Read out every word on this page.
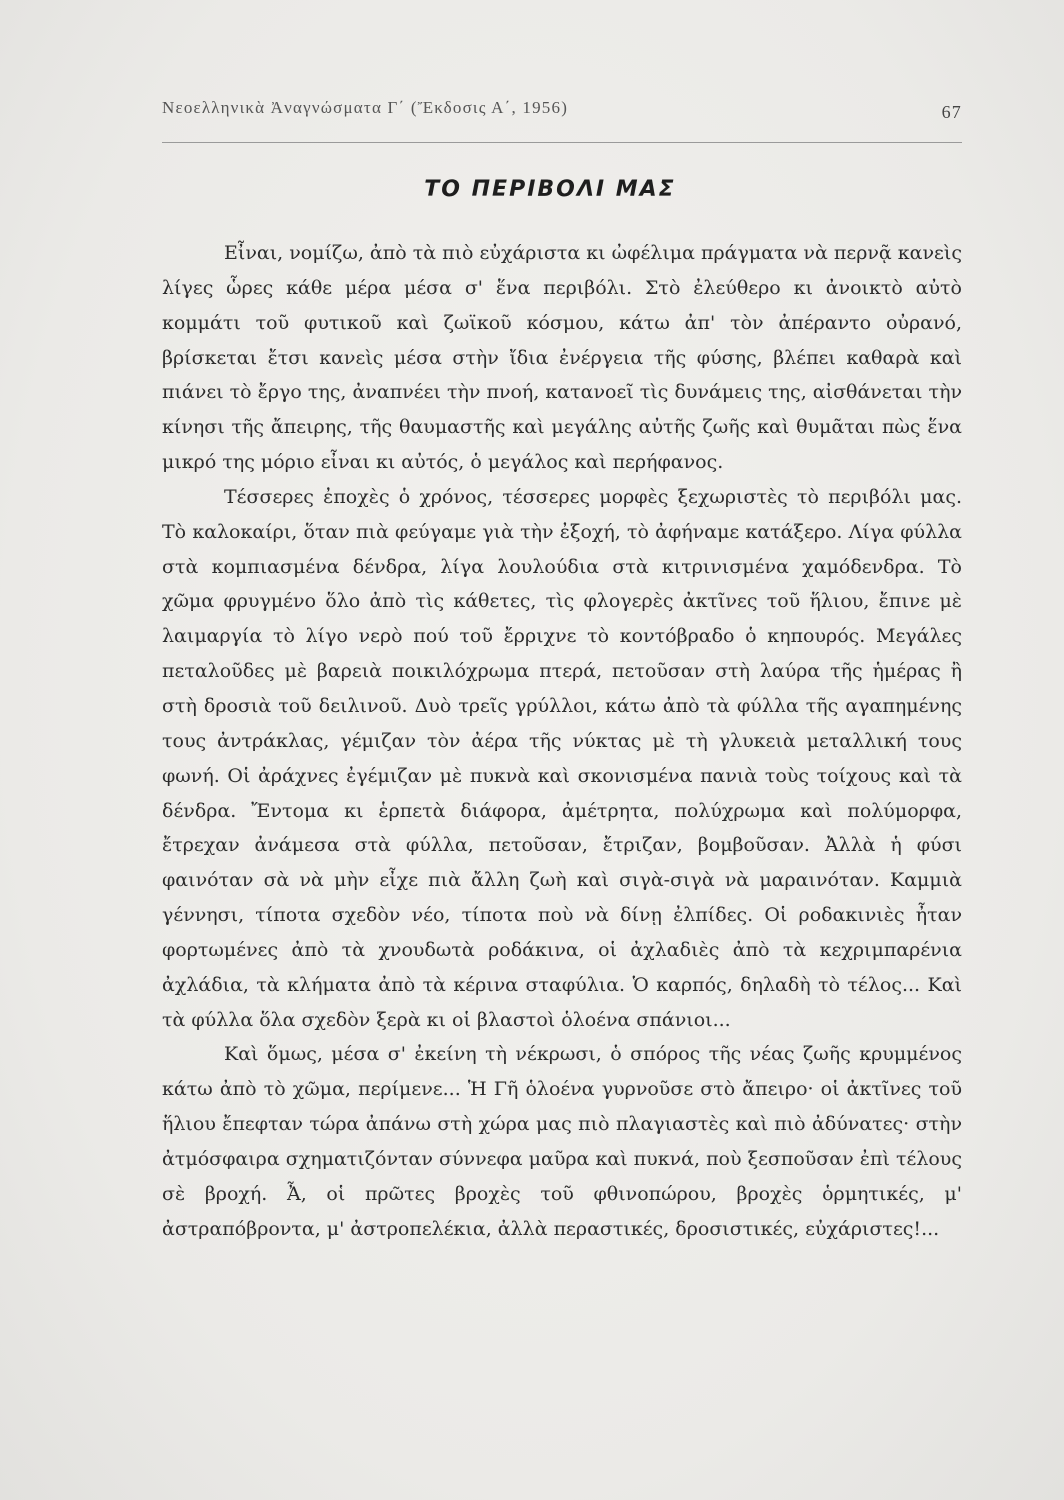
Νεοελληνικὰ Ἀναγνώσματα Γ΄ (Ἔκδοσις Α΄, 1956)	67
ΤΟ ΠΕΡΙΒΟΛΙ ΜΑΣ

Εἶναι, νομίζω, ἀπὸ τὰ πιὸ εὐχάριστα κι ὠφέλιμα πράγματα νὰ περνᾷ κανεὶς λίγες ὧρες κάθε μέρα μέσα σ' ἕνα περιβόλι. Στὸ ἐλεύθερο κι ἀνοικτὸ αὐτὸ κομμάτι τοῦ φυτικοῦ καὶ ζωϊκοῦ κόσμου, κάτω ἀπ' τὸν ἀπέραντο οὐρανό, βρίσκεται ἔτσι κανεὶς μέσα στὴν ἴδια ἐνέργεια τῆς φύσης, βλέπει καθαρὰ καὶ πιάνει τὸ ἔργο της, ἀναπνέει τὴν πνοή, κατανοεῖ τὶς δυνάμεις της, αἰσθάνεται τὴν κίνησι τῆς ἄπειρης, τῆς θαυμαστῆς καὶ μεγάλης αὐτῆς ζωῆς καὶ θυμᾶται πὼς ἕνα μικρό της μόριο εἶναι κι αὐτός, ὁ μεγάλος καὶ περήφανος.

Τέσσερες ἐποχὲς ὁ χρόνος, τέσσερες μορφὲς ξεχωριστὲς τὸ περιβόλι μας. Τὸ καλοκαίρι, ὅταν πιὰ φεύγαμε γιὰ τὴν ἐξοχή, τὸ ἀφήναμε κατάξερο. Λίγα φύλλα στὰ κομπιασμένα δένδρα, λίγα λουλούδια στὰ κιτρινισμένα χαμόδενδρα. Τὸ χῶμα φρυγμένο ὅλο ἀπὸ τὶς κάθετες, τὶς φλογερὲς ἀκτῖνες τοῦ ἥλιου, ἔπινε μὲ λαιμαργία τὸ λίγο νερὸ πού τοῦ ἔρριχνε τὸ κοντόβραδο ὁ κηπουρός. Μεγάλες πεταλοῦδες μὲ βαρειὰ ποικιλόχρωμα πτερά, πετοῦσαν στὴ λαύρα τῆς ἡμέρας ἢ στὴ δροσιὰ τοῦ δειλινοῦ. Δυὸ τρεῖς γρύλλοι, κάτω ἀπὸ τὰ φύλλα τῆς αγαπημένης τους ἀντράκλας, γέμιζαν τὸν ἀέρα τῆς νύκτας μὲ τὴ γλυκειὰ μεταλλική τους φωνή. Οἱ ἀράχνες ἐγέμιζαν μὲ πυκνὰ καὶ σκονισμένα πανιὰ τοὺς τοίχους καὶ τὰ δένδρα. Ἔντομα κι ἑρπετὰ διάφορα, ἀμέτρητα, πολύχρωμα καὶ πολύμορφα, ἔτρεχαν ἀνάμεσα στὰ φύλλα, πετοῦσαν, ἔτριζαν, βομβοῦσαν. Ἀλλὰ ἡ φύσι φαινόταν σὰ νὰ μὴν εἶχε πιὰ ἄλλη ζωὴ καὶ σιγὰ-σιγὰ νὰ μαραινόταν. Καμμιὰ γέννησι, τίποτα σχεδὸν νέο, τίποτα ποὺ νὰ δίνῃ ἐλπίδες. Οἱ ροδακινιὲς ἦταν φορτωμένες ἀπὸ τὰ χνουδωτὰ ροδάκινα, οἱ ἀχλαδιὲς ἀπὸ τὰ κεχριμπαρένια ἀχλάδια, τὰ κλήματα ἀπὸ τὰ κέρινα σταφύλια. Ὁ καρπός, δηλαδὴ τὸ τέλος... Καὶ τὰ φύλλα ὅλα σχεδὸν ξερὰ κι οἱ βλαστοὶ ὁλοένα σπάνιοι...

Καὶ ὅμως, μέσα σ' ἐκείνη τὴ νέκρωσι, ὁ σπόρος τῆς νέας ζωῆς κρυμμένος κάτω ἀπὸ τὸ χῶμα, περίμενε... Ἡ Γῆ ὁλοένα γυρνοῦσε στὸ ἄπειρο· οἱ ἀκτῖνες τοῦ ἥλιου ἔπεφταν τώρα ἀπάνω στὴ χώρα μας πιὸ πλαγιαστὲς καὶ πιὸ ἀδύνατες· στὴν ἀτμόσφαιρα σχηματιζόνταν σύννεφα μαῦρα καὶ πυκνά, ποὺ ξεσποῦσαν ἐπὶ τέλους σὲ βροχή. Ἆ, οἱ πρῶτες βροχὲς τοῦ φθινοπώρου, βροχὲς ὁρμητικές, μ' ἀστραπόβροντα, μ' ἀστροπελέκια, ἀλλὰ περαστικές, δροσιστικές, εὐχάριστες!...
